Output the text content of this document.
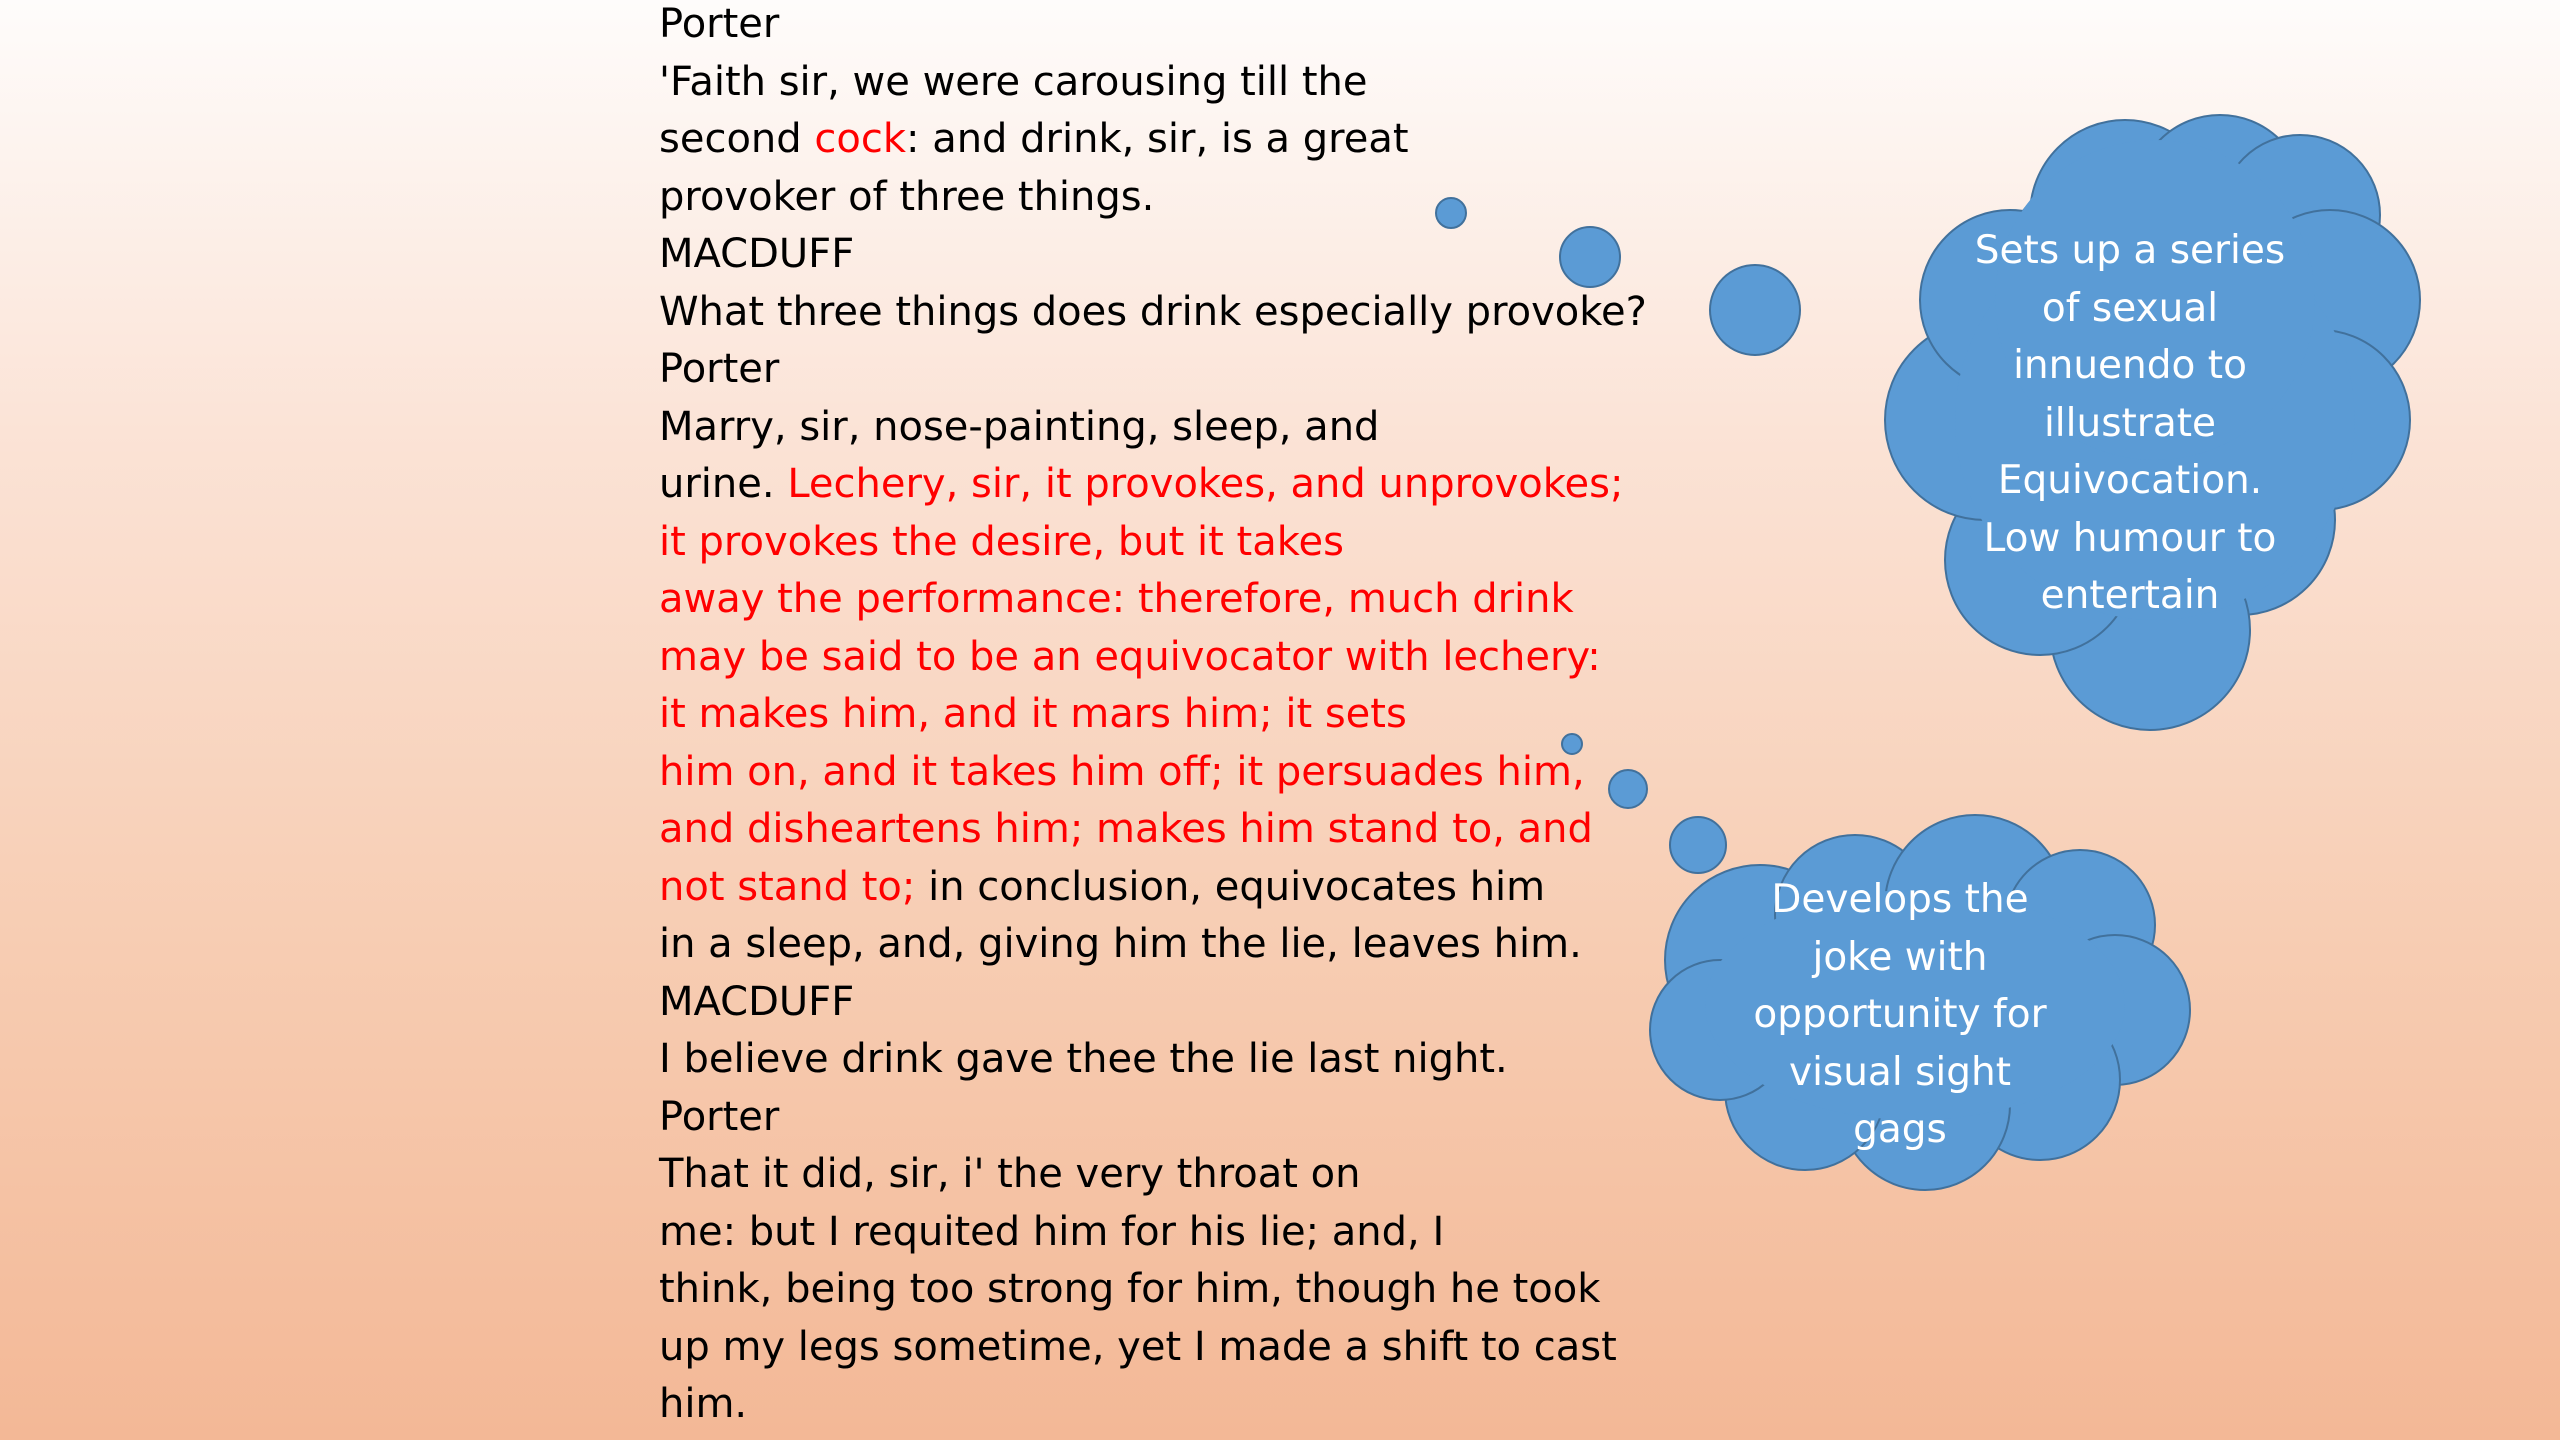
Porter
'Faith sir, we were carousing till the
second cock: and drink, sir, is a great
provoker of three things.
MACDUFF
What three things does drink especially provoke?
Porter
Marry, sir, nose-painting, sleep, and
urine. Lechery, sir, it provokes, and unprovokes;
it provokes the desire, but it takes
away the performance: therefore, much drink
may be said to be an equivocator with lechery:
it makes him, and it mars him; it sets
him on, and it takes him off; it persuades him,
and disheartens him; makes him stand to, and
not stand to; in conclusion, equivocates him
in a sleep, and, giving him the lie, leaves him.
MACDUFF
I believe drink gave thee the lie last night.
Porter
That it did, sir, i' the very throat on
me: but I requited him for his lie; and, I
think, being too strong for him, though he took
up my legs sometime, yet I made a shift to cast
him.
Sets up a series
of sexual
innuendo to
illustrate
Equivocation.
Low humour to
entertain
Develops the
joke with
opportunity for
visual sight
gags
